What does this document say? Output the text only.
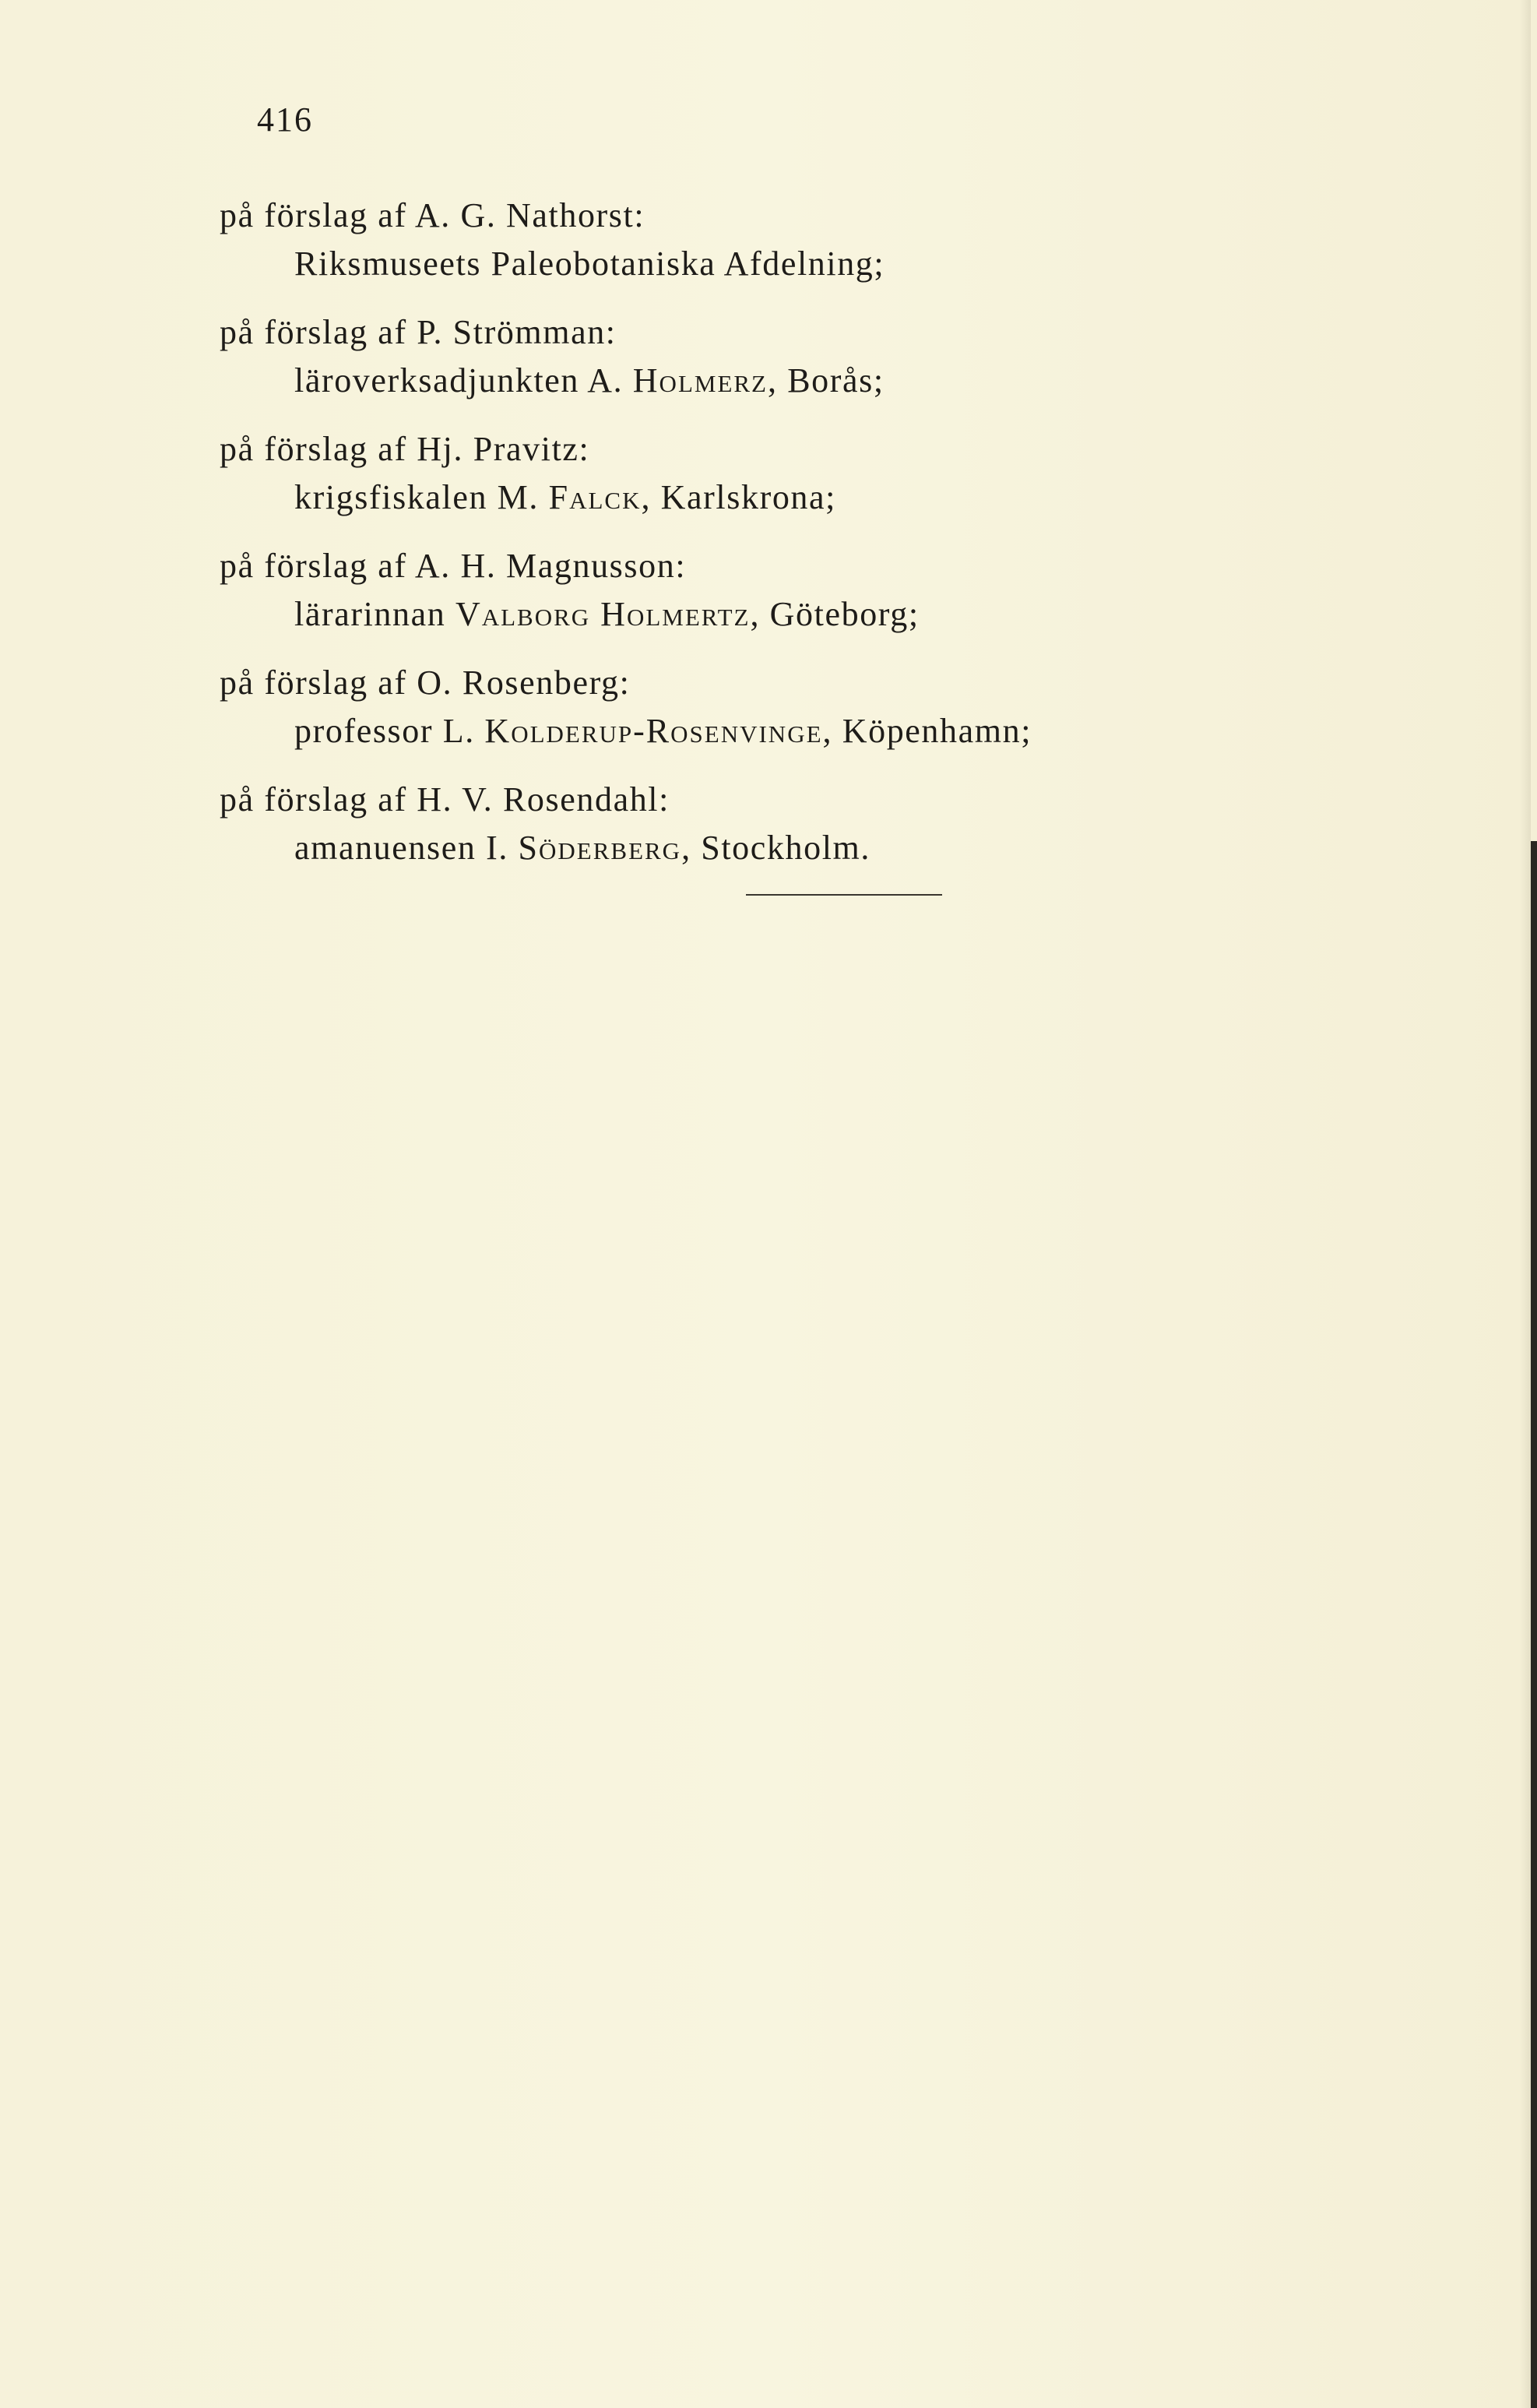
416
på förslag af A. G. Nathorst:
Riksmuseets Paleobotaniska Afdelning;
på förslag af P. Strömman:
läroverksadjunkten A. Holmerz, Borås;
på förslag af Hj. Pravitz:
krigsfiskalen M. Falck, Karlskrona;
på förslag af A. H. Magnusson:
lärarinnan Valborg Holmertz, Göteborg;
på förslag af O. Rosenberg:
professor L. Kolderup-Rosenvinge, Köpenhamn;
på förslag af H. V. Rosendahl:
amanuensen I. Söderberg, Stockholm.
